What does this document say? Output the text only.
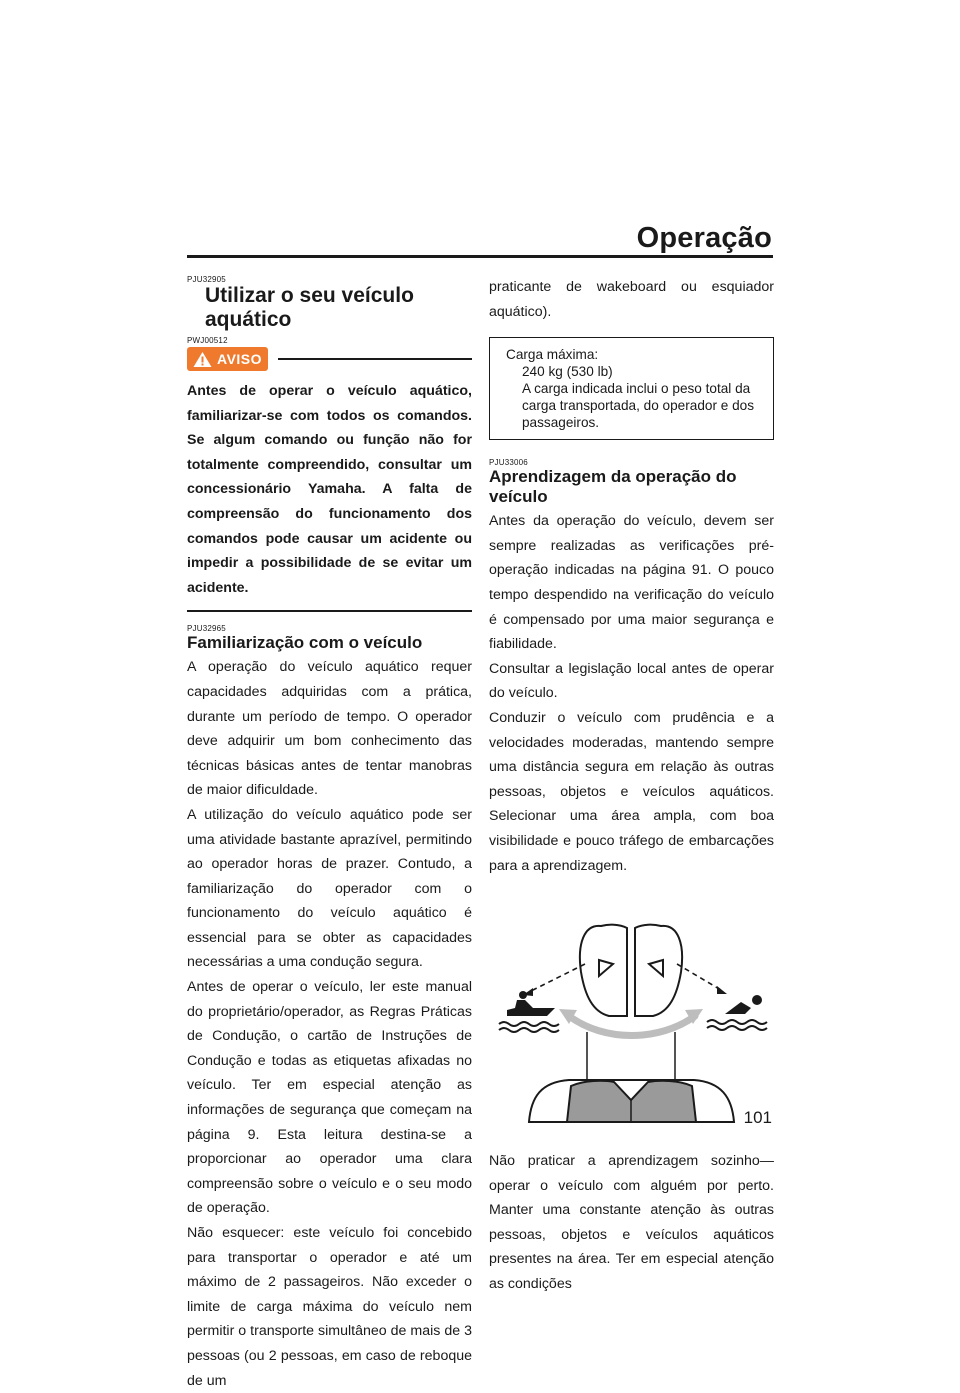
Operação
PJU32905
Utilizar o seu veículo aquático
PWJ00512
AVISO

Antes de operar o veículo aquático, familiarizar-se com todos os comandos. Se algum comando ou função não for totalmente compreendido, consultar um concessionário Yamaha. A falta de compreensão do funcionamento dos comandos pode causar um acidente ou impedir a possibilidade de se evitar um acidente.

PJU32965
Familiarização com o veículo

A operação do veículo aquático requer capacidades adquiridas com a prática, durante um período de tempo. O operador deve adquirir um bom conhecimento das técnicas básicas antes de tentar manobras de maior dificuldade.

A utilização do veículo aquático pode ser uma atividade bastante aprazível, permitindo ao operador horas de prazer. Contudo, a familiarização do operador com o funcionamento do veículo aquático é essencial para se obter as capacidades necessárias a uma condução segura.

Antes de operar o veículo, ler este manual do proprietário/operador, as Regras Práticas de Condução, o cartão de Instruções de Condução e todas as etiquetas afixadas no veículo. Ter em especial atenção as informações de segurança que começam na página 9. Esta leitura destina-se a proporcionar ao operador uma clara compreensão sobre o veículo e o seu modo de operação.

Não esquecer: este veículo foi concebido para transportar o operador e até um máximo de 2 passageiros. Não exceder o limite de carga máxima do veículo nem permitir o transporte simultâneo de mais de 3 pessoas (ou 2 pessoas, em caso de reboque de um

praticante de wakeboard ou esquiador aquático).

Carga máxima:
240 kg (530 lb)
A carga indicada inclui o peso total da carga transportada, do operador e dos passageiros.
PJU33006
Aprendizagem da operação do veículo

Antes da operação do veículo, devem ser sempre realizadas as verificações pré-operação indicadas na página 91. O pouco tempo despendido na verificação do veículo é compensado por uma maior segurança e fiabilidade.

Consultar a legislação local antes de operar do veículo.

Conduzir o veículo com prudência e a velocidades moderadas, mantendo sempre uma distância segura em relação às outras pessoas, objetos e veículos aquáticos. Selecionar uma área ampla, com boa visibilidade e pouco tráfego de embarcações para a aprendizagem.

Não praticar a aprendizagem sozinho—operar o veículo com alguém por perto. Manter uma constante atenção às outras pessoas, objetos e veículos aquáticos presentes na área. Ter em especial atenção as condições

101
